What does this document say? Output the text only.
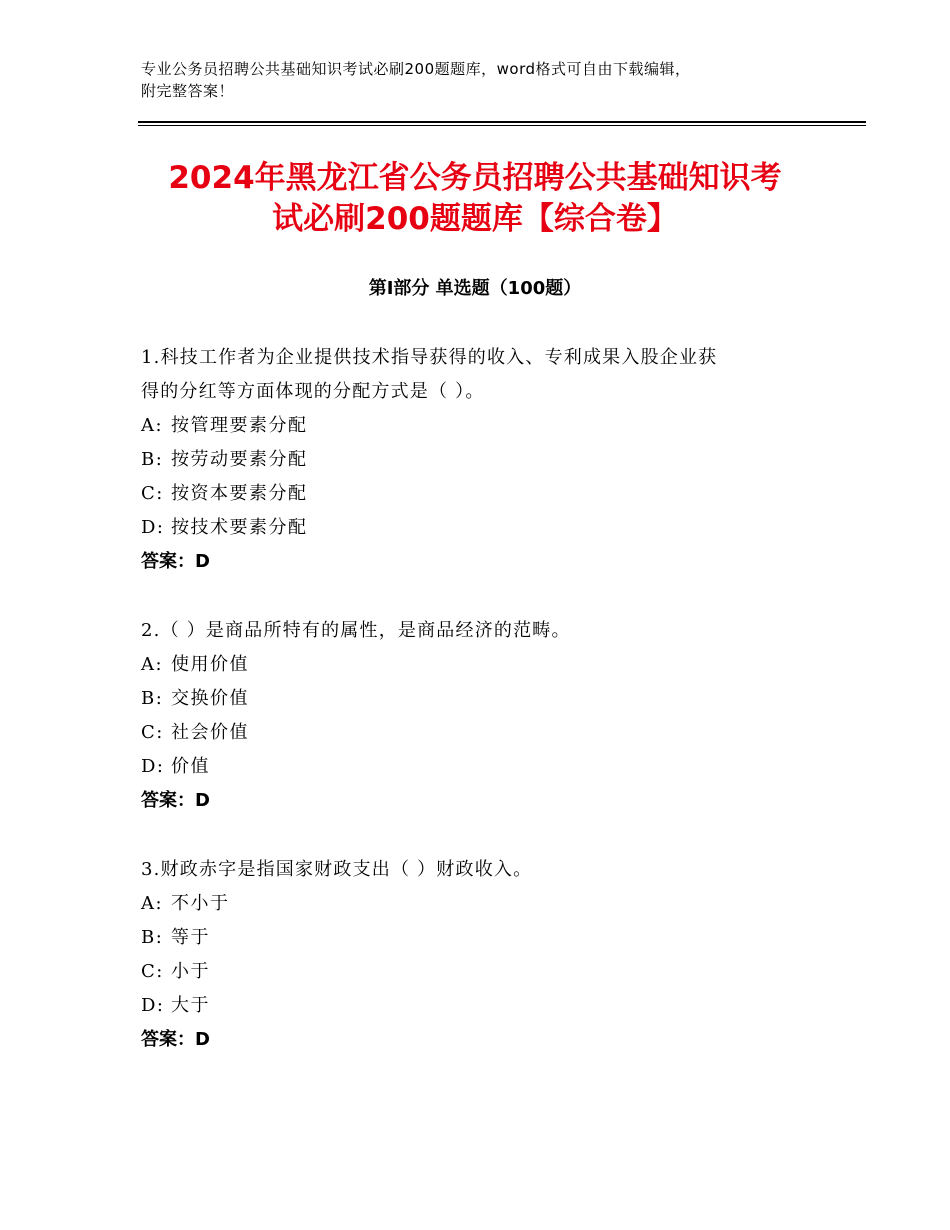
专业公务员招聘公共基础知识考试必刷200题题库，word格式可自由下载编辑，
附完整答案！
2024年黑龙江省公务员招聘公共基础知识考
试必刷200题题库【综合卷】
第Ⅰ部分 单选题（100题）
1.科技工作者为企业提供技术指导获得的收入、专利成果入股企业获
得的分红等方面体现的分配方式是（ ）。
A: 按管理要素分配
B: 按劳动要素分配
C: 按资本要素分配
D: 按技术要素分配
答案：D
2.（ ）是商品所特有的属性，是商品经济的范畴。
A: 使用价值
B: 交换价值
C: 社会价值
D: 价值
答案：D
3.财政赤字是指国家财政支出（ ）财政收入。
A: 不小于
B: 等于
C: 小于
D: 大于
答案：D
